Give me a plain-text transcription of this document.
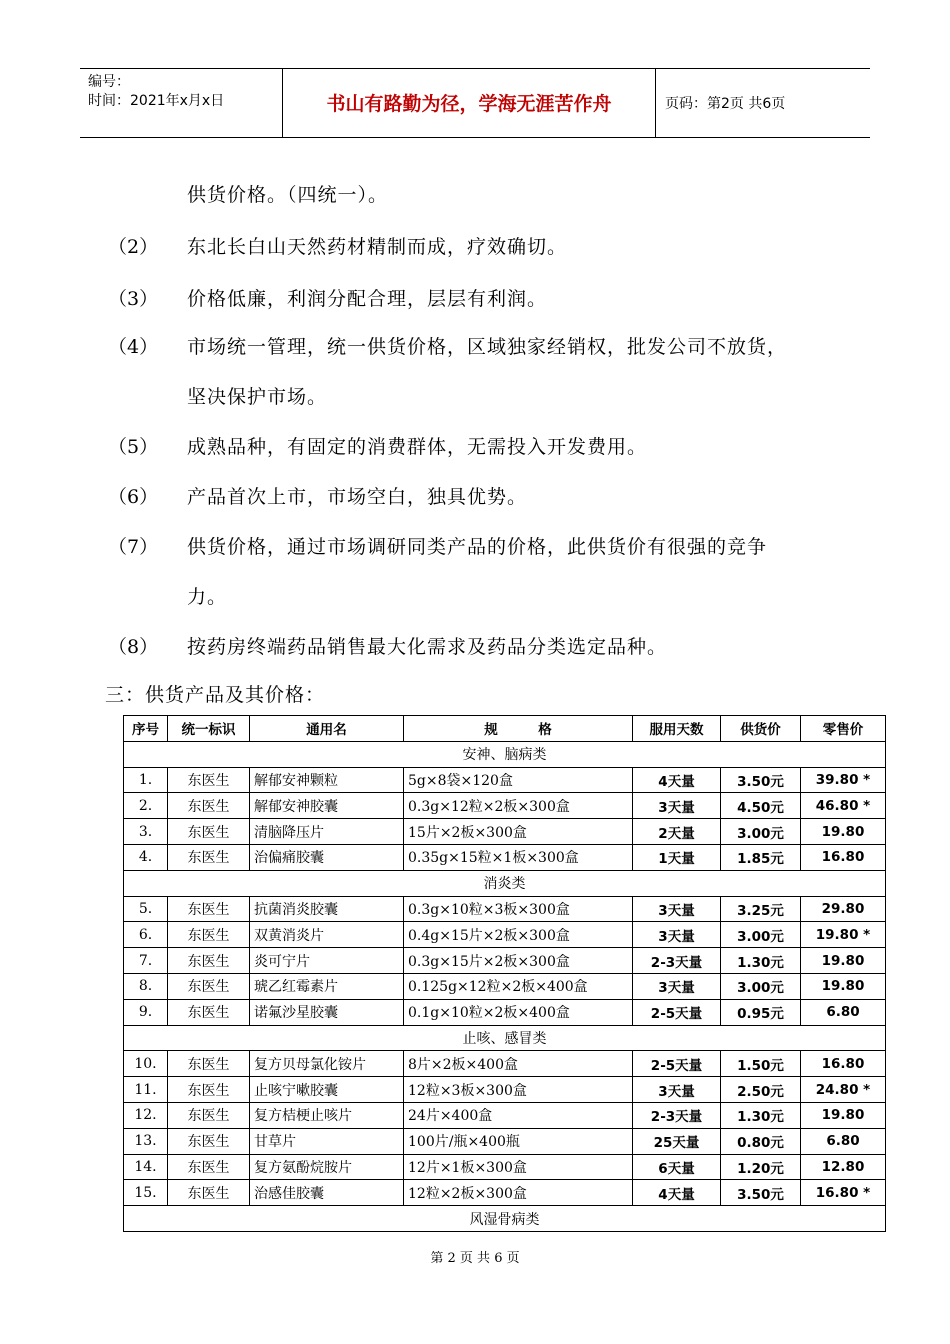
编号：
时间：2021年x月x日	书山有路勤为径，学海无涯苦作舟	页码：第2页 共6页
供货价格。（四统一）。
（2） 东北长白山天然药材精制而成，疗效确切。
（3） 价格低廉，利润分配合理，层层有利润。
（4） 市场统一管理，统一供货价格，区域独家经销权，批发公司不放货，
坚决保护市场。
（5） 成熟品种，有固定的消费群体，无需投入开发费用。
（6） 产品首次上市，市场空白，独具优势。
（7） 供货价格，通过市场调研同类产品的价格，此供货价有很强的竞争
力。
（8） 按药房终端药品销售最大化需求及药品分类选定品种。
三：供货产品及其价格：
序号	统一标识	通用名	规　　　格	服用天数	供货价	零售价
安神、脑病类						
1.	东医生	解郁安神颗粒	5g×8袋×120盒	4天量	3.50元	39.80 *
2.	东医生	解郁安神胶囊	0.3g×12粒×2板×300盒	3天量	4.50元	46.80 *
3.	东医生	清脑降压片	15片×2板×300盒	2天量	3.00元	19.80
4.	东医生	治偏痛胶囊	0.35g×15粒×1板×300盒	1天量	1.85元	16.80
消炎类						
5.	东医生	抗菌消炎胶囊	0.3g×10粒×3板×300盒	3天量	3.25元	29.80
6.	东医生	双黄消炎片	0.4g×15片×2板×300盒	3天量	3.00元	19.80 *
7.	东医生	炎可宁片	0.3g×15片×2板×300盒	2-3天量	1.30元	19.80
8.	东医生	琥乙红霉素片	0.125g×12粒×2板×400盒	3天量	3.00元	19.80
9.	东医生	诺氟沙星胶囊	0.1g×10粒×2板×400盒	2-5天量	0.95元	6.80
止咳、感冒类						
10.	东医生	复方贝母氯化铵片	8片×2板×400盒	2-5天量	1.50元	16.80
11.	东医生	止咳宁嗽胶囊	12粒×3板×300盒	3天量	2.50元	24.80 *
12.	东医生	复方桔梗止咳片	24片×400盒	2-3天量	1.30元	19.80
13.	东医生	甘草片	100片/瓶×400瓶	25天量	0.80元	6.80
14.	东医生	复方氨酚烷胺片	12片×1板×300盒	6天量	1.20元	12.80
15.	东医生	治感佳胶囊	12粒×2板×300盒	4天量	3.50元	16.80 *
风湿骨病类						
第 2 页 共 6 页
